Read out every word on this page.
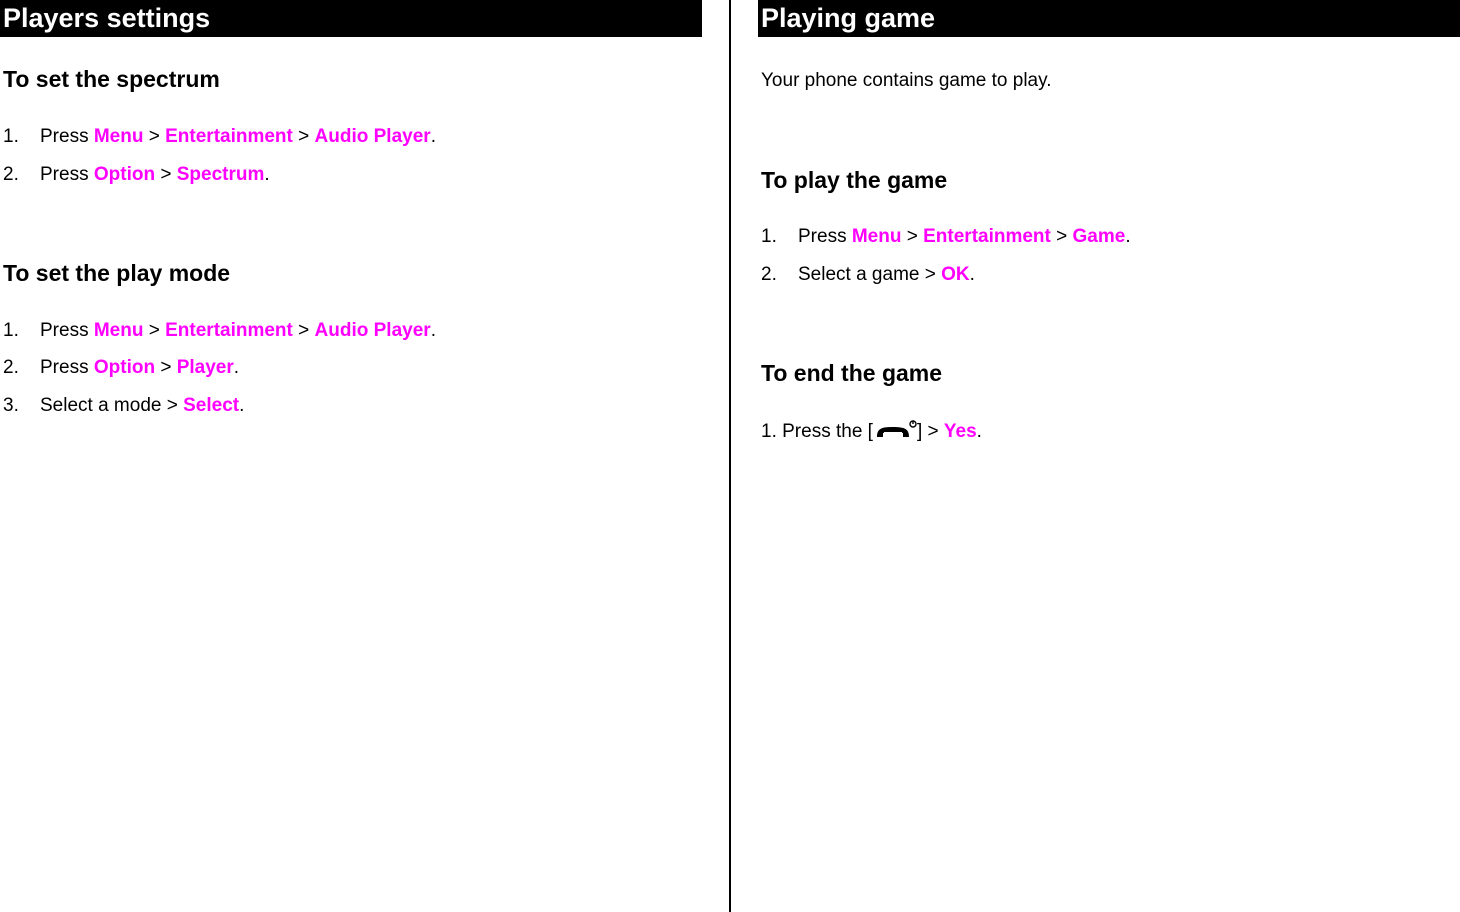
Players settings
To set the spectrum
1. Press Menu > Entertainment > Audio Player.
2. Press Option > Spectrum.
To set the play mode
1. Press Menu > Entertainment > Audio Player.
2. Press Option > Player.
3. Select a mode > Select.
Playing game
Your phone contains game to play.
To play the game
1. Press Menu > Entertainment > Game.
2. Select a game > OK.
To end the game
1. Press the [ ] > Yes.
